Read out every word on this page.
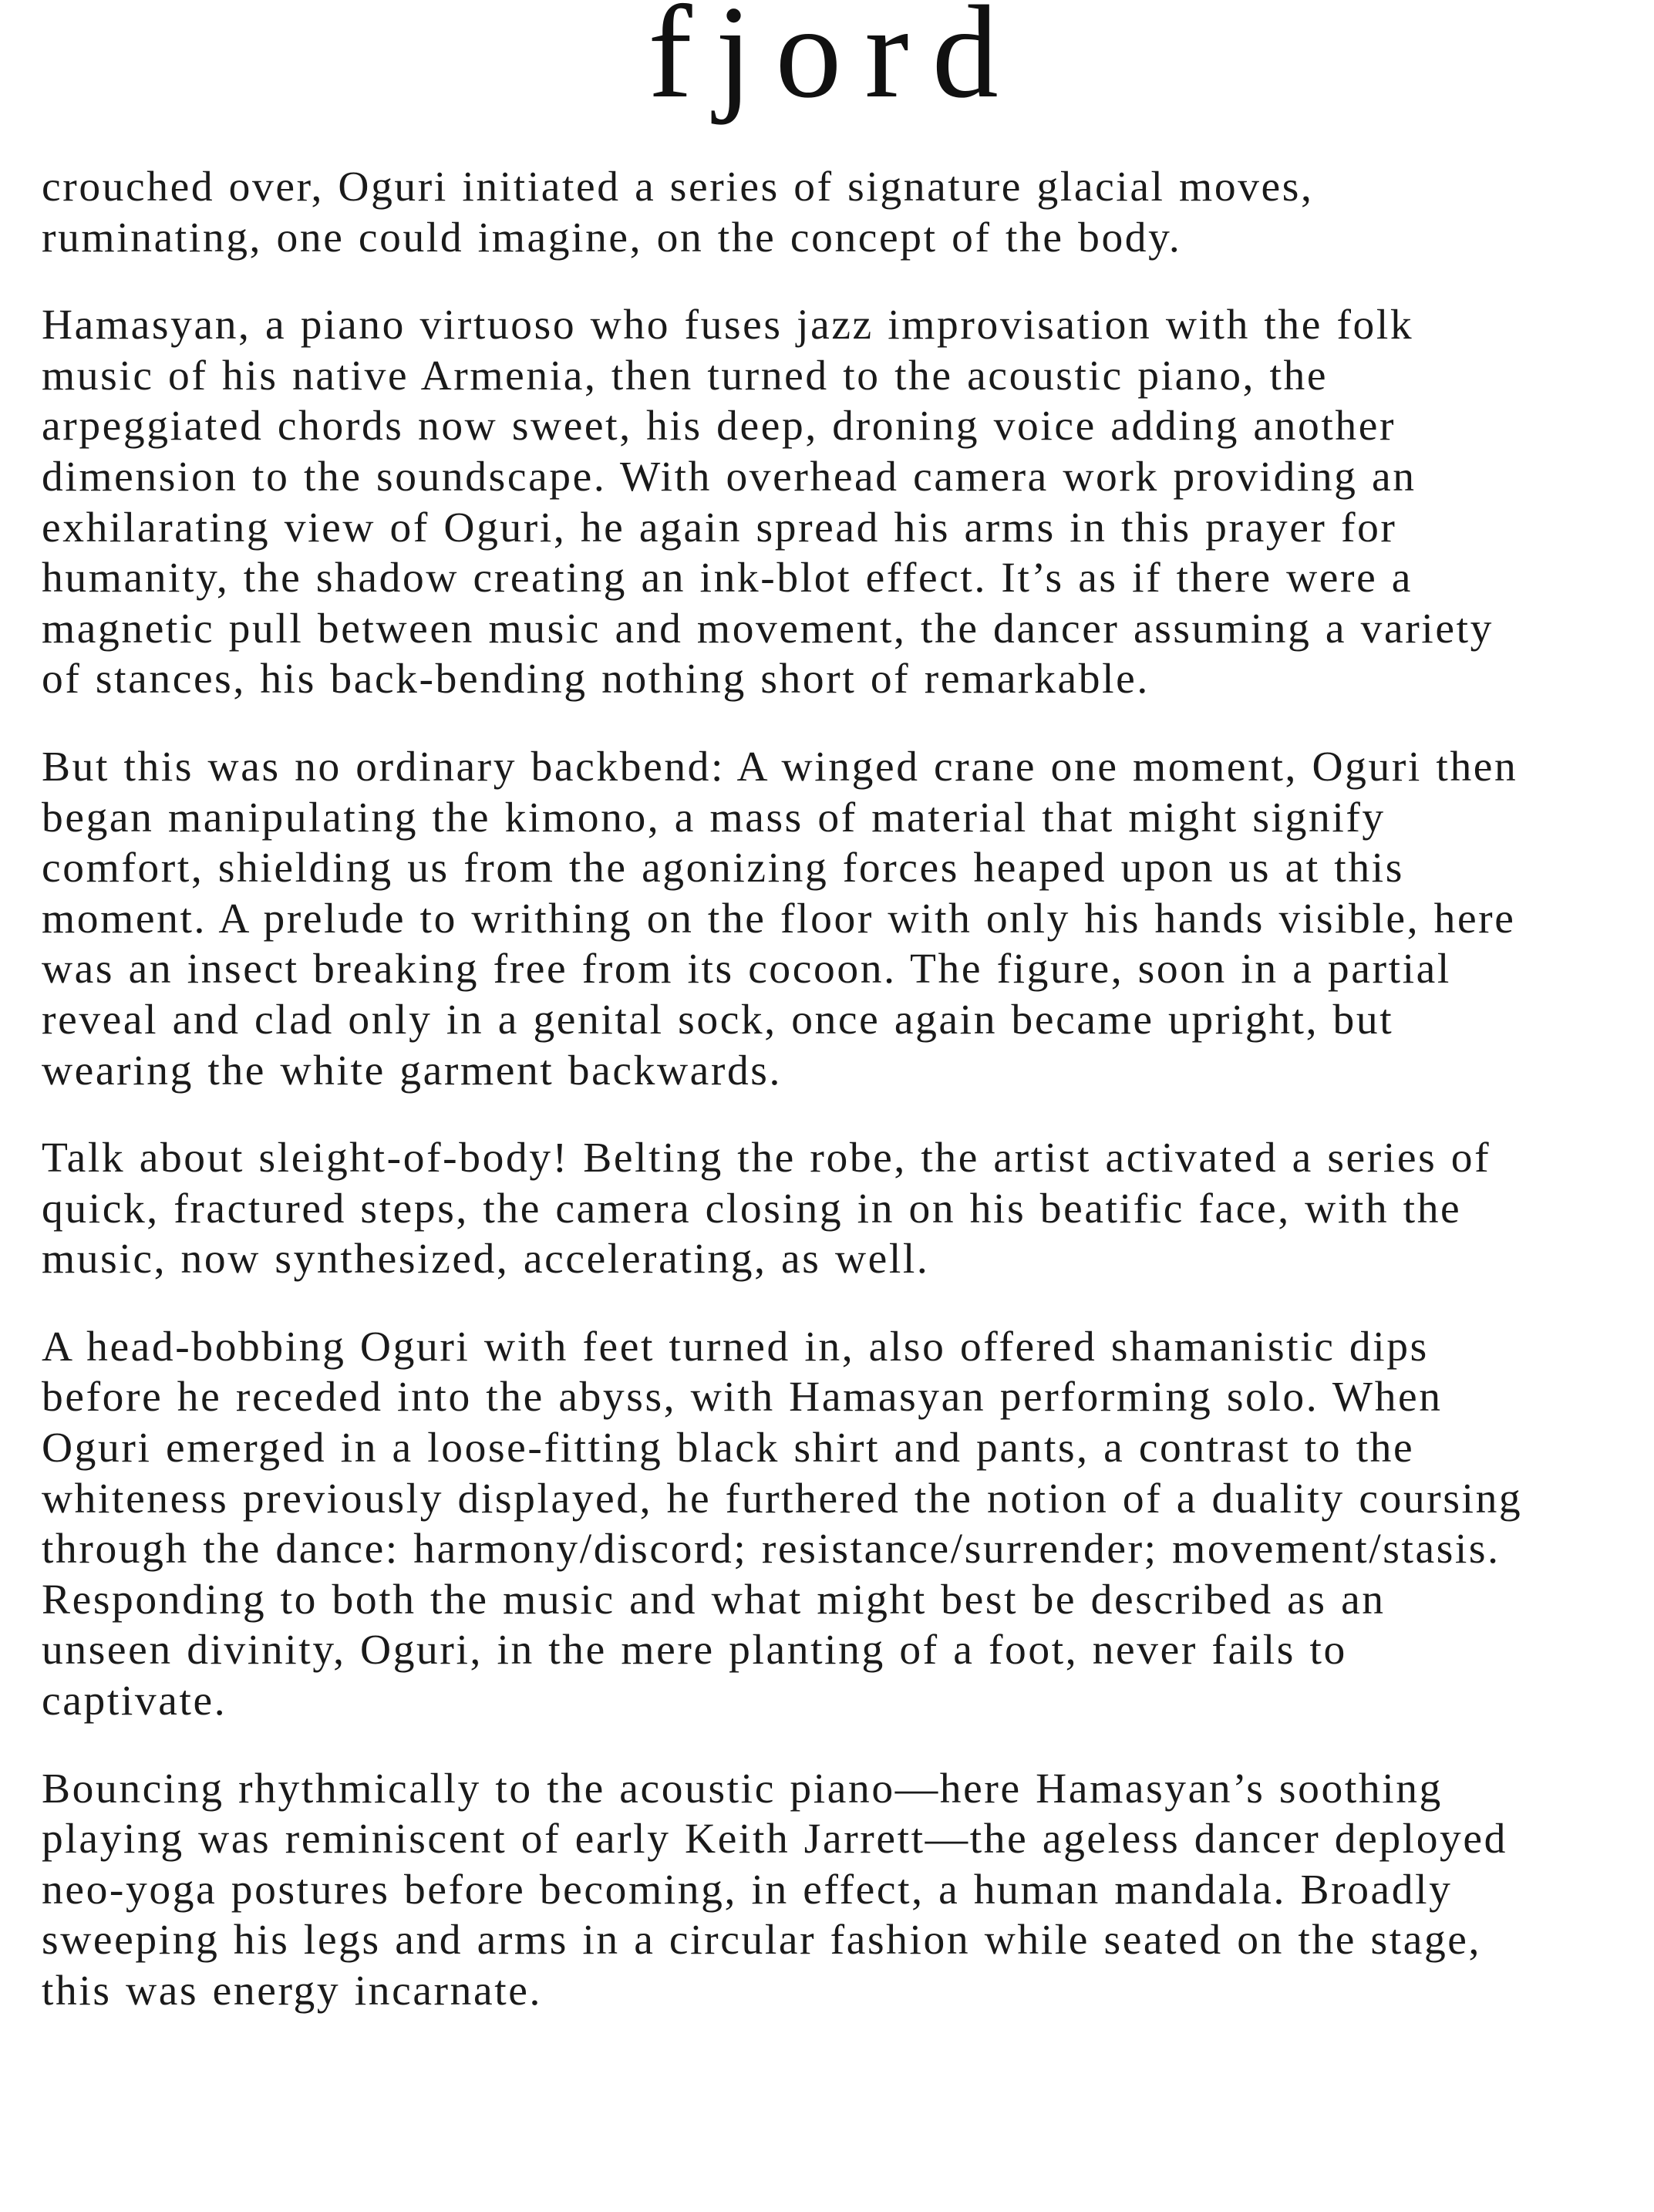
fjord

crouched over, Oguri initiated a series of signature glacial moves,
ruminating, one could imagine, on the concept of the body.

Hamasyan, a piano virtuoso who fuses jazz improvisation with the folk
music of his native Armenia, then turned to the acoustic piano, the
arpeggiated chords now sweet, his deep, droning voice adding another
dimension to the soundscape. With overhead camera work providing an
exhilarating view of Oguri, he again spread his arms in this prayer for
humanity, the shadow creating an ink-blot effect. It’s as if there were a
magnetic pull between music and movement, the dancer assuming a variety
of stances, his back-bending nothing short of remarkable.

But this was no ordinary backbend: A winged crane one moment, Oguri then
began manipulating the kimono, a mass of material that might signify
comfort, shielding us from the agonizing forces heaped upon us at this
moment. A prelude to writhing on the floor with only his hands visible, here
was an insect breaking free from its cocoon. The figure, soon in a partial
reveal and clad only in a genital sock, once again became upright, but
wearing the white garment backwards.

Talk about sleight-of-body! Belting the robe, the artist activated a series of
quick, fractured steps, the camera closing in on his beatific face, with the
music, now synthesized, accelerating, as well.

A head-bobbing Oguri with feet turned in, also offered shamanistic dips
before he receded into the abyss, with Hamasyan performing solo. When
Oguri emerged in a loose-fitting black shirt and pants, a contrast to the
whiteness previously displayed, he furthered the notion of a duality coursing
through the dance: harmony/discord; resistance/surrender; movement/stasis.
Responding to both the music and what might best be described as an
unseen divinity, Oguri, in the mere planting of a foot, never fails to
captivate.

Bouncing rhythmically to the acoustic piano—here Hamasyan’s soothing
playing was reminiscent of early Keith Jarrett—the ageless dancer deployed
neo-yoga postures before becoming, in effect, a human mandala. Broadly
sweeping his legs and arms in a circular fashion while seated on the stage,
this was energy incarnate.
